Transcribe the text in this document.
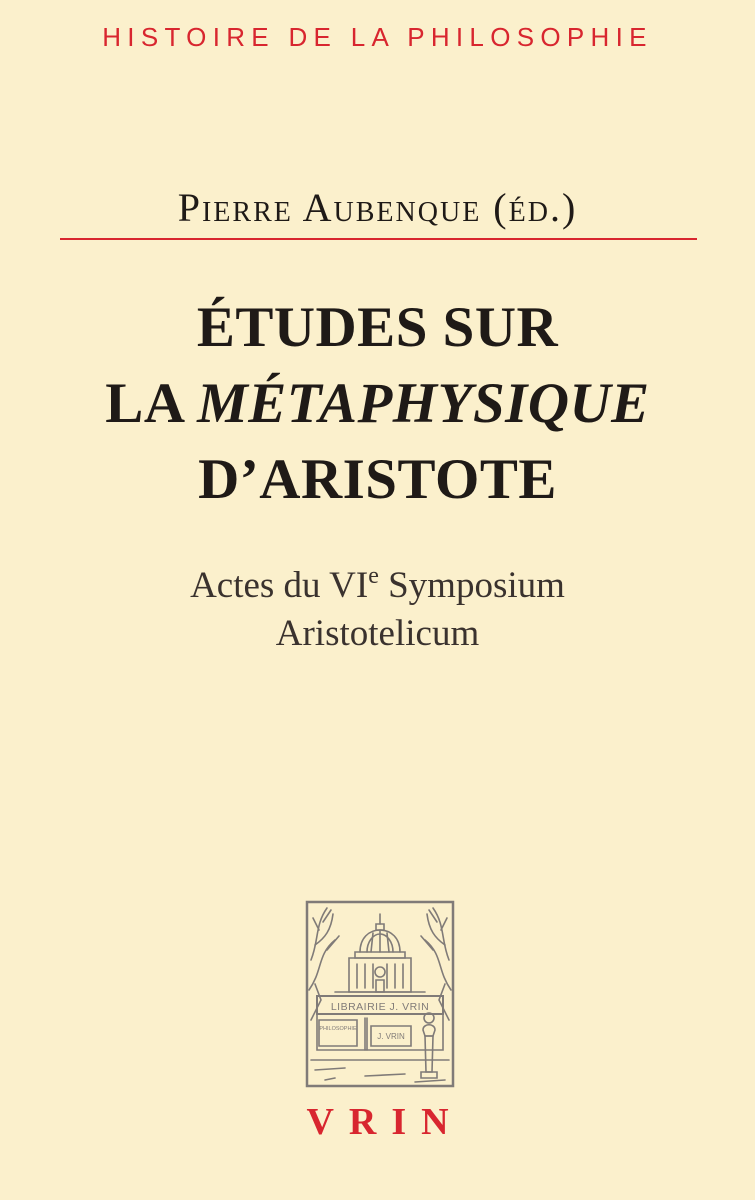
HISTOIRE DE LA PHILOSOPHIE
Pierre Aubenque (éd.)
ÉTUDES SUR
LA MÉTAPHYSIQUE
D’ARISTOTE
Actes du VIe Symposium
Aristotelicum
LIBRAIRIE J. VRIN
PHILOSOPHIE
J. VRIN
VRIN
